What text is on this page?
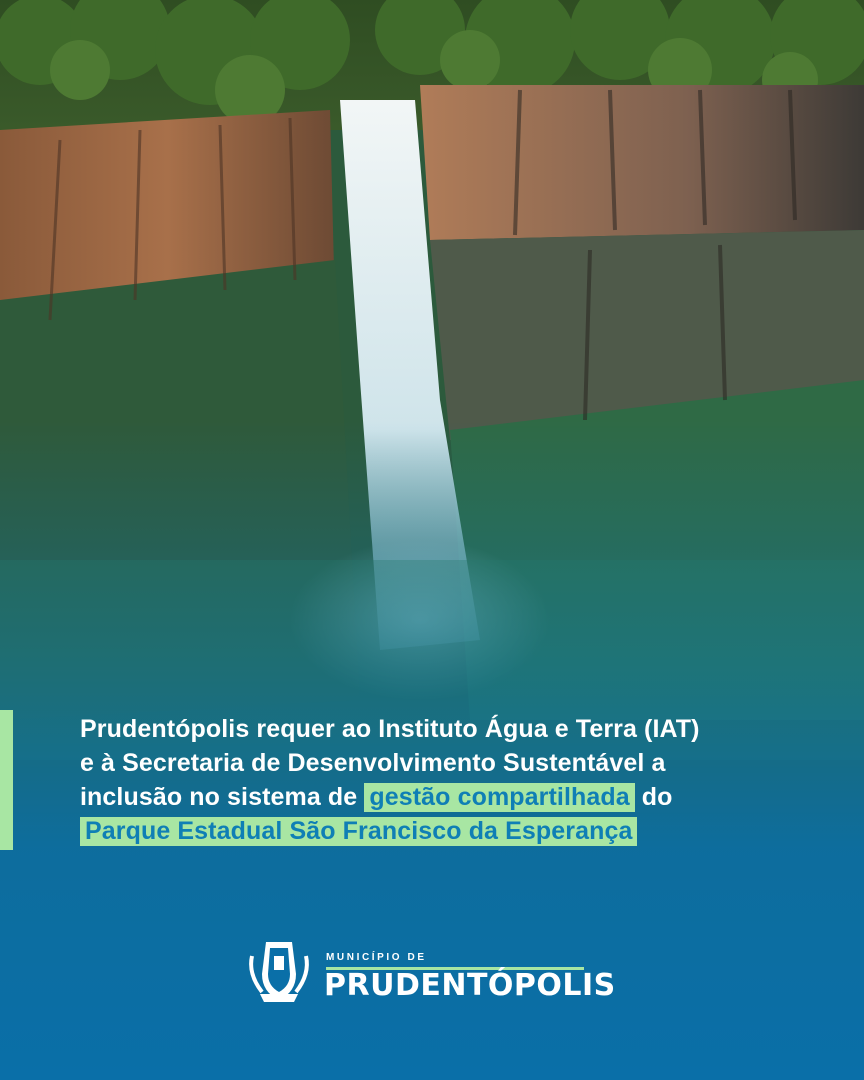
Prudentópolis requer ao Instituto Água e Terra (IAT)
e à Secretaria de Desenvolvimento Sustentável a
inclusão no sistema de gestão compartilhada do
Parque Estadual São Francisco da Esperança
MUNICÍPIO DE
PRUDENTÓPOLIS
